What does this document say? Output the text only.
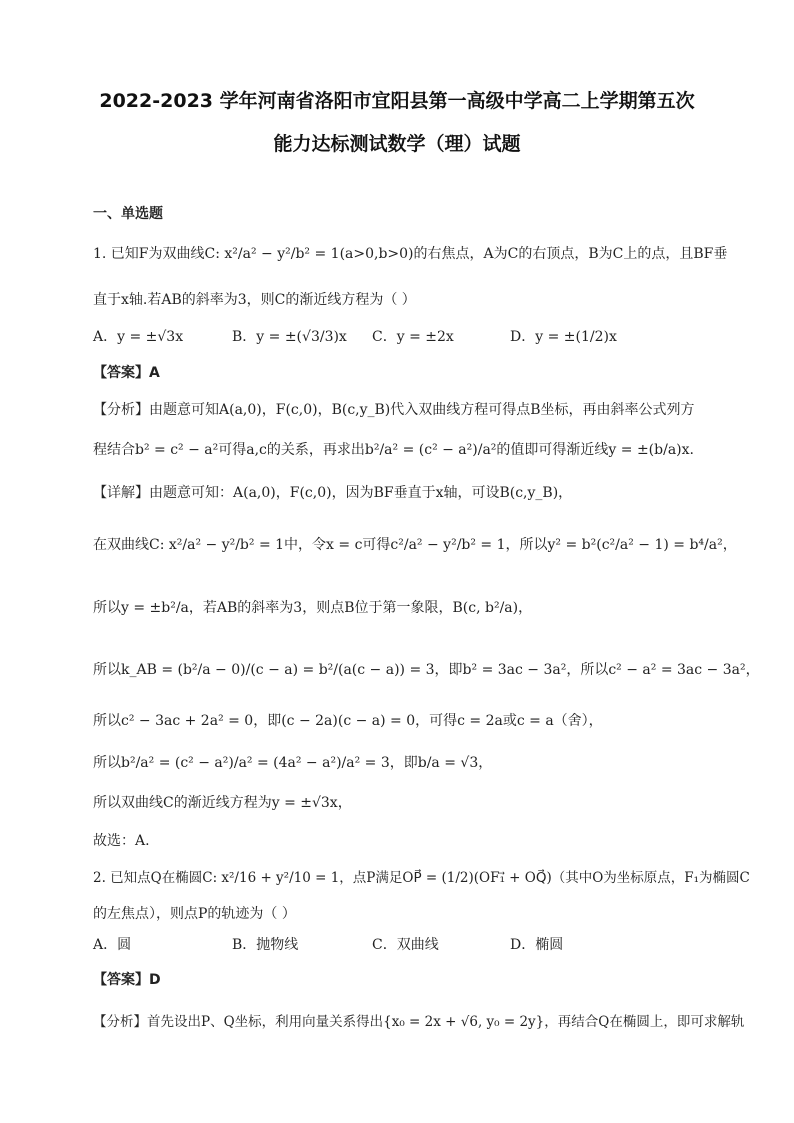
2022-2023 学年河南省洛阳市宜阳县第一高级中学高二上学期第五次
能力达标测试数学（理）试题
一、单选题
1. 已知F为双曲线C: x²/a² − y²/b² = 1(a>0,b>0)的右焦点，A为C的右顶点，B为C上的点，且BF垂
直于x轴.若AB的斜率为3，则C的渐近线方程为（ ）
A．y = ±√3x	B．y = ±(√3/3)x C．y = ±2x	D．y = ±(1/2)x
【答案】A
【分析】由题意可知A(a,0)，F(c,0)，B(c,y_B)代入双曲线方程可得点B坐标，再由斜率公式列方
程结合b² = c² − a²可得a,c的关系，再求出b²/a² = (c² − a²)/a²的值即可得渐近线y = ±(b/a)x.
【详解】由题意可知：A(a,0)，F(c,0)，因为BF垂直于x轴，可设B(c,y_B)，
在双曲线C: x²/a² − y²/b² = 1中，令x = c可得c²/a² − y²/b² = 1，所以y² = b²(c²/a² − 1) = b⁴/a²，
所以y = ±b²/a，若AB的斜率为3，则点B位于第一象限，B(c, b²/a)，
所以k_AB = (b²/a − 0)/(c − a) = b²/(a(c − a)) = 3，即b² = 3ac − 3a²，所以c² − a² = 3ac − 3a²，
所以c² − 3ac + 2a² = 0，即(c − 2a)(c − a) = 0，可得c = 2a或c = a（舍），
所以b²/a² = (c² − a²)/a² = (4a² − a²)/a² = 3，即b/a = √3，
所以双曲线C的渐近线方程为y = ±√3x，
故选：A.
2. 已知点Q在椭圆C: x²/16 + y²/10 = 1，点P满足OP⃗ = (1/2)(OF₁⃗ + OQ⃗)（其中O为坐标原点，F₁为椭圆C
的左焦点），则点P的轨迹为（ ）
A．圆	B．抛物线	C．双曲线	D．椭圆
【答案】D
【分析】首先设出P、Q坐标，利用向量关系得出{x₀ = 2x + √6, y₀ = 2y}，再结合Q在椭圆上，即可求解轨
